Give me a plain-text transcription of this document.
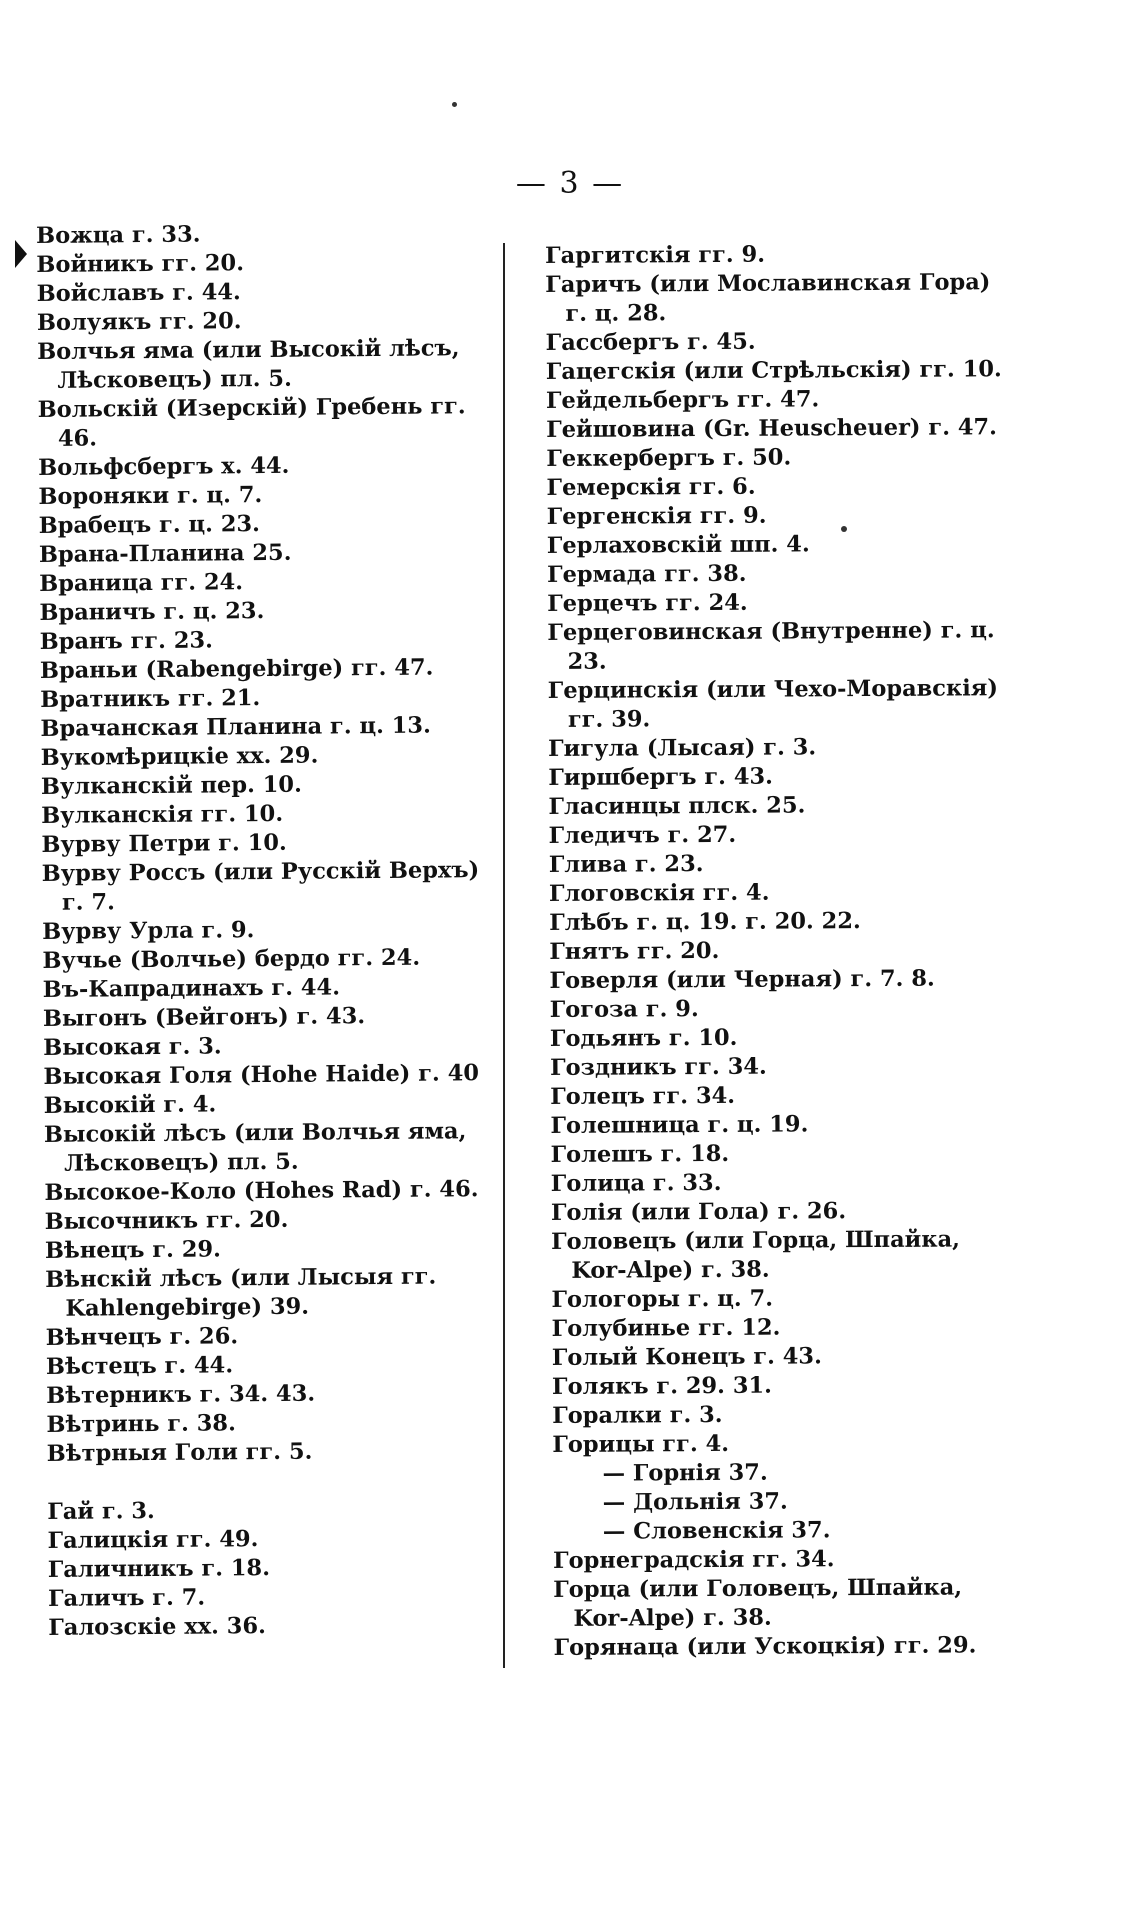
— 3 —
Вожца г. 33.
Войникъ гг. 20.
Войславъ г. 44.
Волуякъ гг. 20.
Волчья яма (или Высокій лѣсъ, Лѣсковецъ) пл. 5.
Вольскій (Изерскій) Гребень гг. 46.
Вольфсбергъ х. 44.
Вороняки г. ц. 7.
Врабецъ г. ц. 23.
Врана-Планина 25.
Враница гг. 24.
Враничъ г. ц. 23.
Вранъ гг. 23.
Враньи (Rabengebirge) гг. 47.
Вратникъ гг. 21.
Врачанская Планина г. ц. 13.
Вукомѣрицкіе хх. 29.
Вулканскій пер. 10.
Вулканскія гг. 10.
Вурву Петри г. 10.
Вурву Россъ (или Русскій Верхъ) г. 7.
Вурву Урла г. 9.
Вучье (Волчье) бердо гг. 24.
Въ-Капрадинахъ г. 44.
Выгонъ (Вейгонъ) г. 43.
Высокая г. 3.
Высокая Голя (Hohe Haide) г. 40
Высокій г. 4.
Высокій лѣсъ (или Волчья яма, Лѣсковецъ) пл. 5.
Высокое-Коло (Hohes Rad) г. 46.
Высочникъ гг. 20.
Вѣнецъ г. 29.
Вѣнскій лѣсъ (или Лысыя гг. Kahlengebirge) 39.
Вѣнчецъ г. 26.
Вѣстецъ г. 44.
Вѣтерникъ г. 34. 43.
Вѣтринь г. 38.
Вѣтрныя Голи гг. 5.
Гай г. 3.
Галицкія гг. 49.
Галичникъ г. 18.
Галичъ г. 7.
Галозскіе хх. 36.
Гаргитскія гг. 9.
Гаричъ (или Мославинская Гора) г. ц. 28.
Гассбергъ г. 45.
Гацегскія (или Стрѣльскія) гг. 10.
Гейдельбергъ гг. 47.
Гейшовина (Gr. Heuscheuer) г. 47.
Геккербергъ г. 50.
Гемерскія гг. 6.
Гергенскія гг. 9.
Герлаховскій шп. 4.
Гермада гг. 38.
Герцечъ гг. 24.
Герцеговинская (Внутренне) г. ц. 23.
Герцинскія (или Чехо-Моравскія) гг. 39.
Гигула (Лысая) г. 3.
Гиршбергъ г. 43.
Гласинцы плск. 25.
Гледичъ г. 27.
Глива г. 23.
Глоговскія гг. 4.
Глѣбъ г. ц. 19. г. 20. 22.
Гнятъ гг. 20.
Говерля (или Черная) г. 7. 8.
Гогоза г. 9.
Годьянъ г. 10.
Гоздникъ гг. 34.
Голецъ гг. 34.
Голешница г. ц. 19.
Голешъ г. 18.
Голица г. 33.
Голія (или Гола) г. 26.
Головецъ (или Горца, Шпайка, Kor-Alpe) г. 38.
Гологоры г. ц. 7.
Голубинье гг. 12.
Голый Конецъ г. 43.
Голякъ г. 29. 31.
Горалки г. 3.
Горицы гг. 4.
— Горнія 37.
— Дольнія 37.
— Словенскія 37.
Горнеградскія гг. 34.
Горца (или Головецъ, Шпайка, Kor-Alpe) г. 38.
Горянаца (или Ускоцкія) гг. 29.
